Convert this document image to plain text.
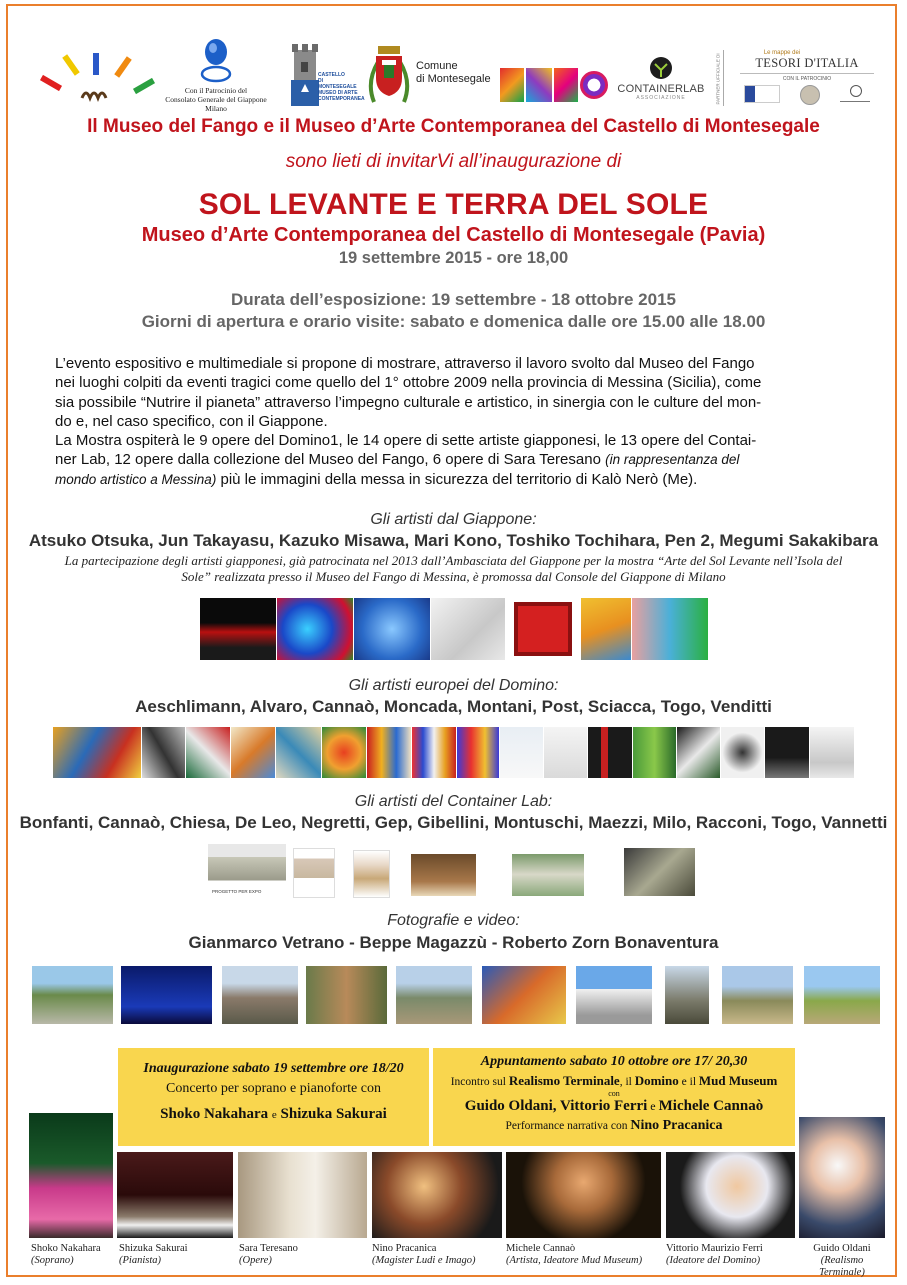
Con il Patrocinio del
Consolato Generale del Giappone
Milano
CASTELLO
DI MONTESEGALE
MUSEO DI ARTE
CONTEMPORANEA
Comune
di Montesegale
CONTAINERLAB
ASSOCIAZIONE	PARTNER UFFICIALE DI
Le mappe dei
TESORI D'ITALIA
CON IL PATROCINIO
Il Museo del Fango e il Museo d’Arte Contemporanea del Castello di Montesegale
sono lieti di invitarVi all’inaugurazione di
SOL LEVANTE E TERRA DEL SOLE
Museo d’Arte Contemporanea del Castello di Montesegale (Pavia)
19 settembre 2015 - ore 18,00
Durata dell’esposizione: 19 settembre - 18 ottobre 2015
Giorni di apertura e orario visite: sabato e domenica dalle ore 15.00 alle 18.00
L’evento espositivo e multimediale si propone di mostrare, attraverso il lavoro svolto dal Museo del Fango
nei luoghi colpiti da eventi tragici come quello del 1° ottobre 2009 nella provincia di Messina (Sicilia), come
sia possibile “Nutrire il pianeta” attraverso l’impegno culturale e artistico, in sinergia con le culture del mon-
do e, nel caso specifico, con il Giappone.
La Mostra ospiterà le 9 opere del Domino1, le 14 opere di sette artiste giapponesi, le 13 opere del Contai-
ner Lab, 12 opere dalla collezione del Museo del Fango, 6 opere di Sara Teresano (in rappresentanza del
mondo artistico a Messina) più le immagini della messa in sicurezza del territorio di Kalò Nerò (Me).
Gli artisti dal Giappone:
Atsuko Otsuka, Jun Takayasu, Kazuko Misawa, Mari Kono, Toshiko Tochihara, Pen 2, Megumi Sakakibara
La partecipazione degli artisti giapponesi, già patrocinata nel 2013 dall’Ambasciata del Giappone per la mostra “Arte del Sol Levante nell’Isola del
Sole” realizzata presso il Museo del Fango di Messina, è promossa dal Console del Giappone di Milano
Gli artisti europei del Domino:
Aeschlimann, Alvaro, Cannaò, Moncada, Montani, Post, Sciacca, Togo, Venditti
Gli artisti del Container Lab:
Bonfanti, Cannaò, Chiesa, De Leo, Negretti, Gep, Gibellini, Montuschi, Maezzi, Milo, Racconi, Togo, Vannetti
PROGETTO PER EXPO
Fotografie e video:
Gianmarco Vetrano - Beppe Magazzù - Roberto Zorn Bonaventura
Inaugurazione sabato 19 settembre ore 18/20
Concerto per soprano e pianoforte con
Shoko Nakahara e Shizuka Sakurai
Appuntamento sabato 10 ottobre ore 17/ 20,30
Incontro sul Realismo Terminale, il Domino e il Mud Museum
con
Guido Oldani, Vittorio Ferri e Michele Cannaò
Performance narrativa con Nino Pracanica
Shoko Nakahara
(Soprano)
Shizuka Sakurai
(Pianista)
Sara Teresano
(Opere)
Nino Pracanica
(Magister Ludi e Imago)
Michele Cannaò
(Artista, Ideatore Mud Museum)
Vittorio Maurizio Ferri
(Ideatore del Domino)
Guido Oldani
(Realismo Terminale)
